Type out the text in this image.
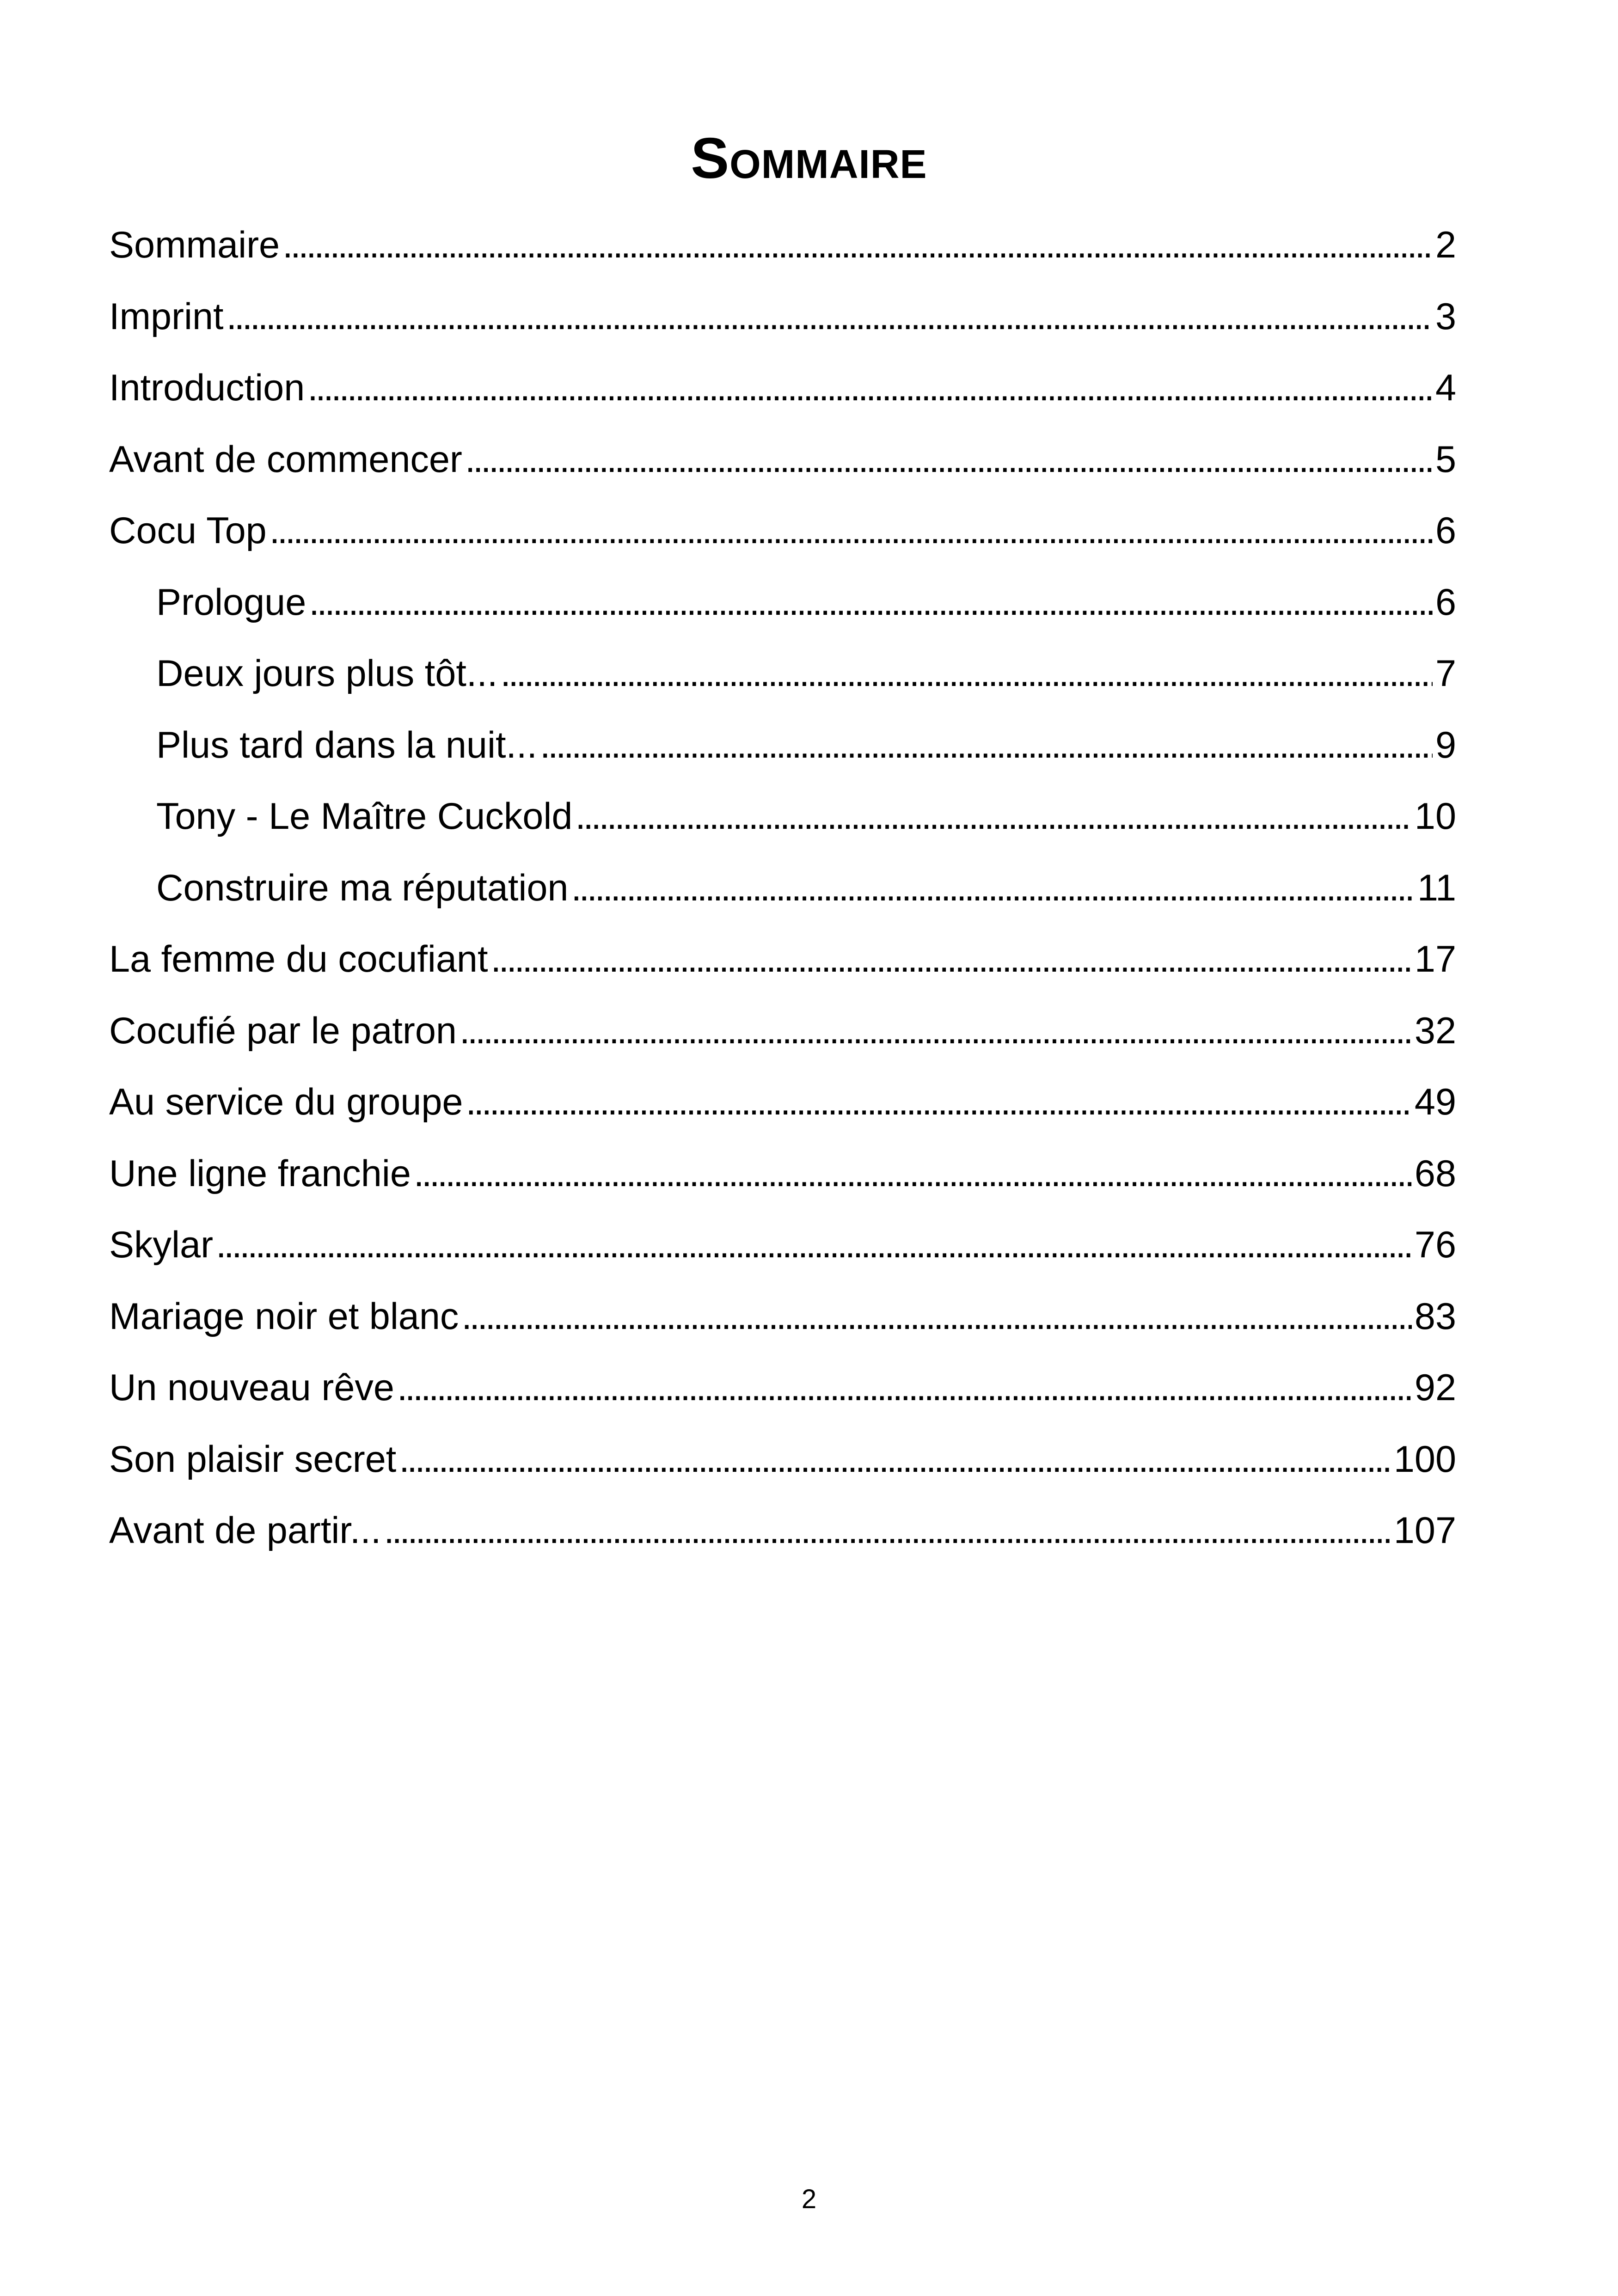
Sommaire
Sommaire . . .	2
Imprint . . .	3
Introduction . . .	4
Avant de commencer . . .	5
Cocu Top . . .	6
Prologue . . .	6
Deux jours plus tôt... . . .	7
Plus tard dans la nuit... . . .	9
Tony - Le Maître Cuckold . . .	10
Construire ma réputation . . .	11
La femme du cocufiant . . .	17
Cocufié par le patron . . .	32
Au service du groupe . . .	49
Une ligne franchie . . .	68
Skylar . . .	76
Mariage noir et blanc . . .	83
Un nouveau rêve . . .	92
Son plaisir secret . . .	100
Avant de partir... . . .	107
2
